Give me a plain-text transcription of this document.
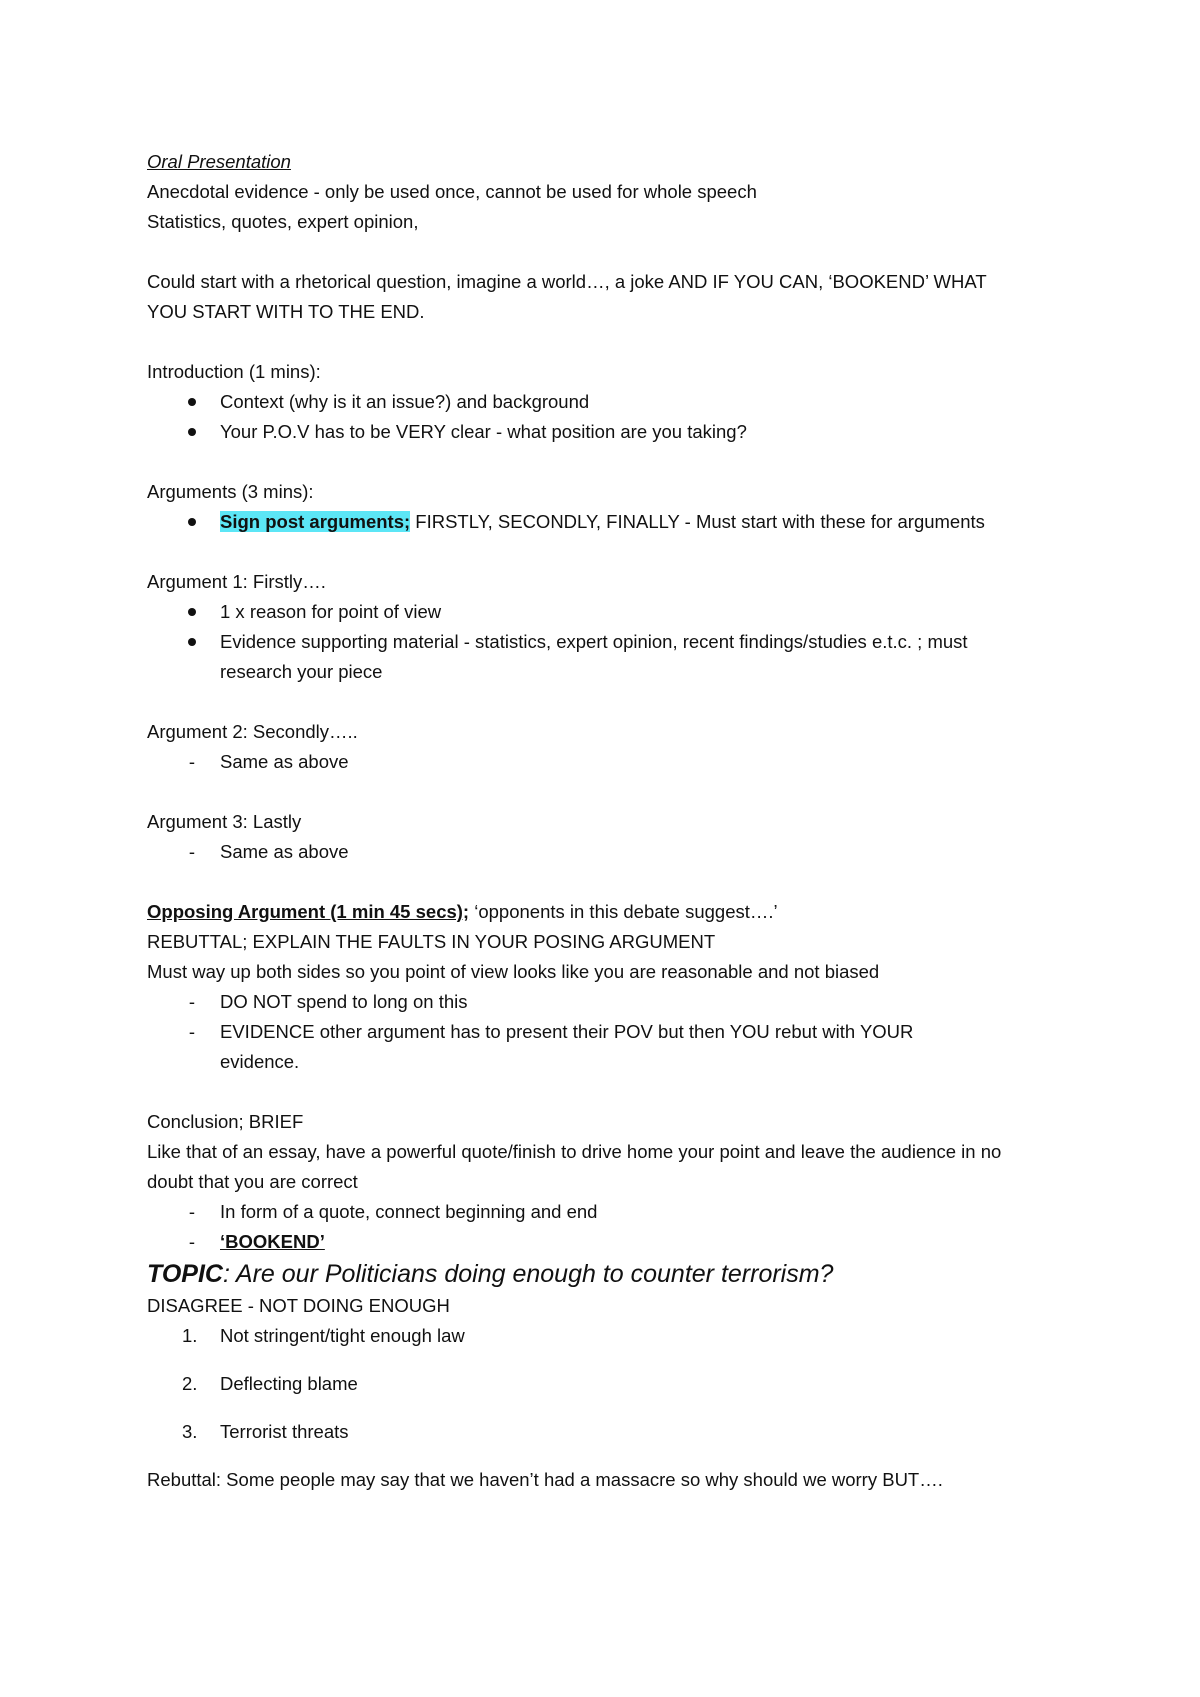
Oral Presentation

Anecdotal evidence - only be used once, cannot be used for whole speech

Statistics, quotes, expert opinion,

Could start with a rhetorical question, imagine a world…, a joke AND IF YOU CAN, ‘BOOKEND’ WHAT YOU START WITH TO THE END.

Introduction (1 mins):

Context (why is it an issue?) and background
Your P.O.V has to be VERY clear - what position are you taking?

Arguments (3 mins):

Sign post arguments; FIRSTLY, SECONDLY, FINALLY - Must start with these for arguments

Argument 1: Firstly….

1 x reason for point of view
Evidence supporting material - statistics, expert opinion, recent findings/studies e.t.c. ; must research your piece

Argument 2: Secondly…..

-	Same as above

Argument 3: Lastly

-	Same as above

Opposing Argument (1 min 45 secs); ‘opponents in this debate suggest….’

REBUTTAL; EXPLAIN THE FAULTS IN YOUR POSING ARGUMENT

Must way up both sides so you point of view looks like you are reasonable and not biased

-	DO NOT spend to long on this
-	EVIDENCE other argument has to present their POV but then YOU rebut with YOUR evidence.

Conclusion; BRIEF

Like that of an essay, have a powerful quote/finish to drive home your point and leave the audience in no doubt that you are correct

-	In form of a quote, connect beginning and end
-	‘BOOKEND’

TOPIC: Are our Politicians doing enough to counter terrorism?

DISAGREE - NOT DOING ENOUGH

1.	Not stringent/tight enough law
2.	Deflecting blame
3.	Terrorist threats

Rebuttal: Some people may say that we haven’t had a massacre so why should we worry BUT….
